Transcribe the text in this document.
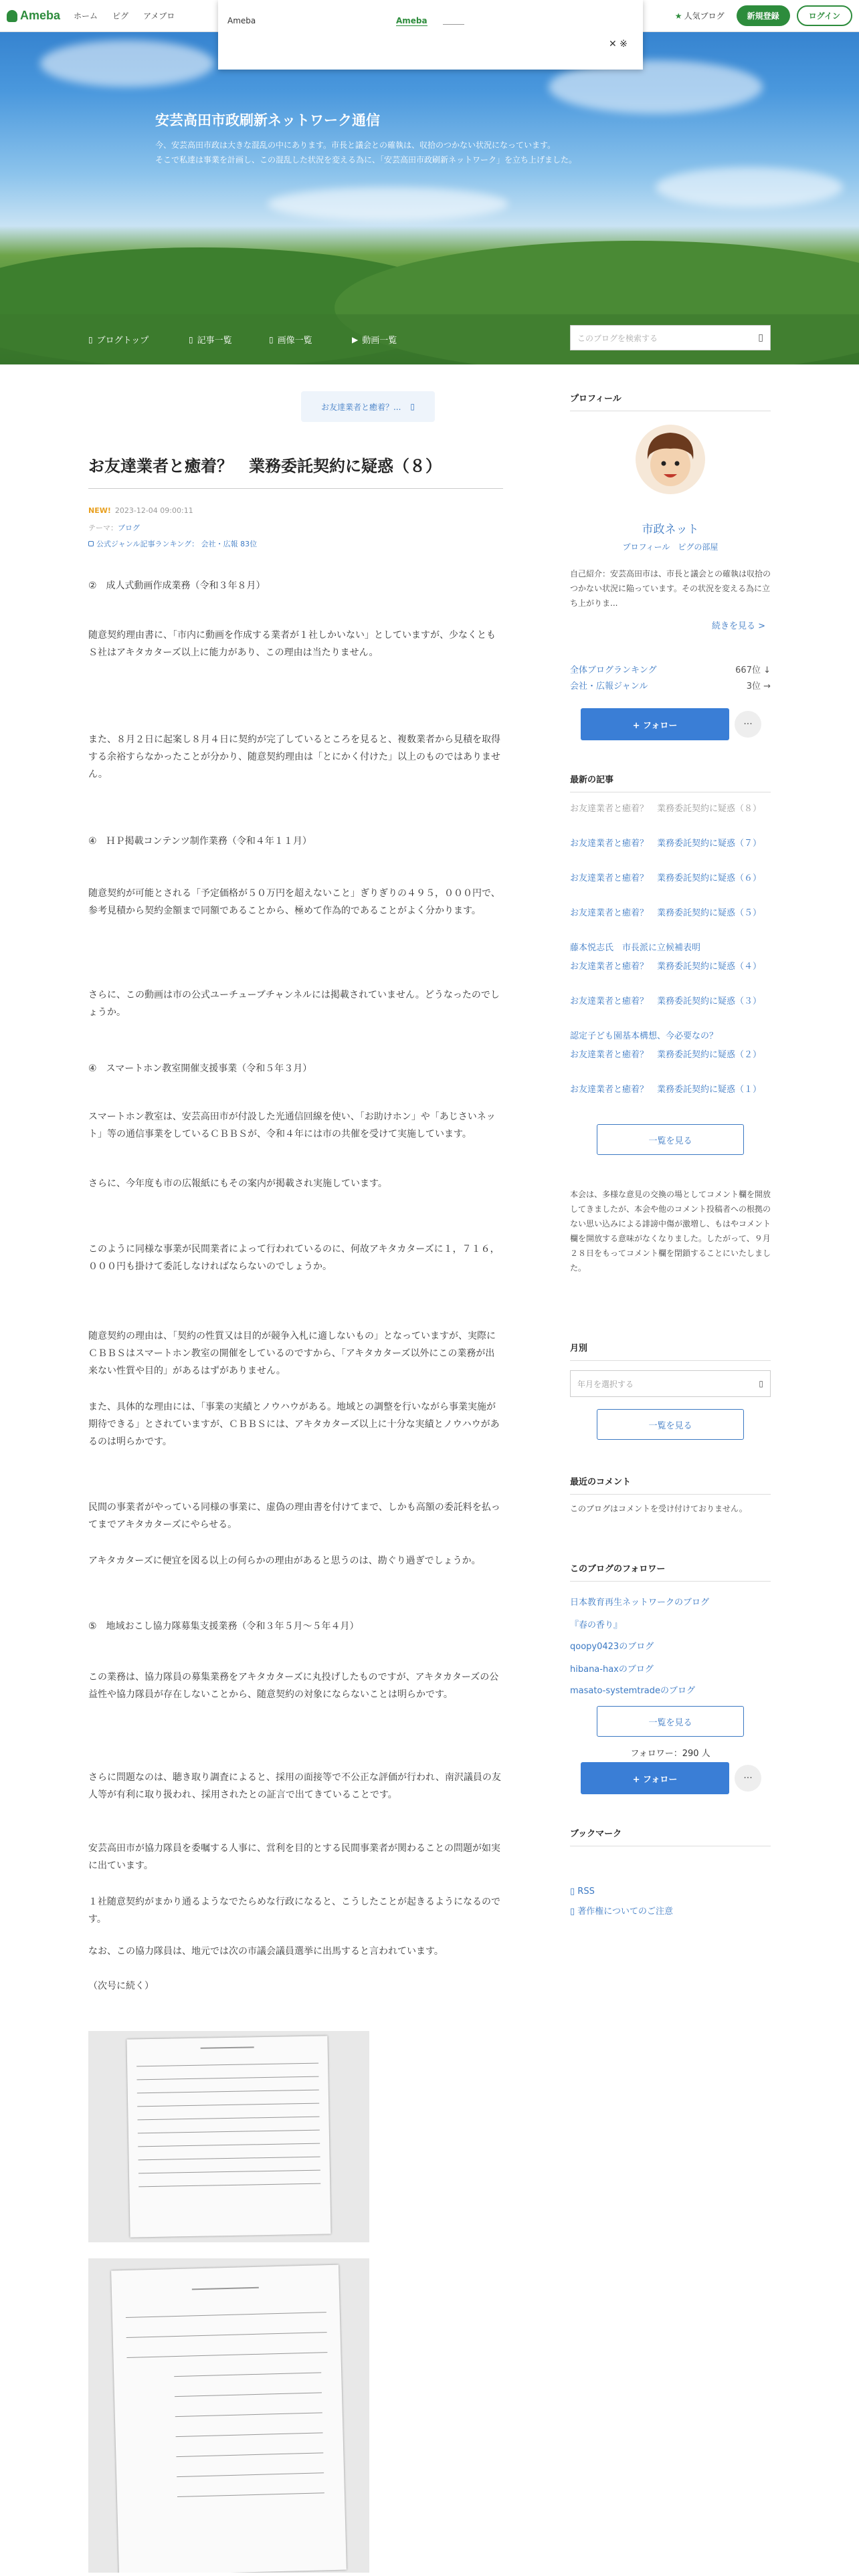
安芸高田市政刷新ネットワーク通信
今、安芸高田市政は大きな混乱の中にあります。市長と議会との確執は、収拾のつかない状況になっています。
そこで私達は事業を計画し、この混乱した状況を変える為に、「安芸高田市政刷新ネットワーク」を立ち上げました。
Ameba ホーム ピグ アメブロ	★ 人気ブログ	新規登録	ログイン
Ameba	Ameba
✕ ※
▯ ブログトップ	▯ 記事一覧	▯ 画像一覧	▶ 動画一覧	このブログを検索する	▯
お友達業者と癒着？... ▯
お友達業者と癒着？　業務委託契約に疑惑（８）
NEW! 2023-12-04 09:00:11
テーマ：ブログ
公式ジャンル記事ランキング： 会社・広報 83位
②　成人式動画作成業務（令和３年８月）
随意契約理由書に、「市内に動画を作成する業者が１社しかいない」としていますが、少なくともＳ社はアキタカターズ以上に能力があり、この理由は当たりません。
また、８月２日に起案し８月４日に契約が完了しているところを見ると、複数業者から見積を取得する余裕すらなかったことが分かり、随意契約理由は「とにかく付けた」以上のものではありません。
④　ＨＰ掲載コンテンツ制作業務（令和４年１１月）
随意契約が可能とされる「予定価格が５０万円を超えないこと」ぎりぎりの４９５，０００円で、参考見積から契約金額まで同額であることから、極めて作為的であることがよく分かります。
さらに、この動画は市の公式ユーチューブチャンネルには掲載されていません。どうなったのでしょうか。
④　スマートホン教室開催支援事業（令和５年３月）
スマートホン教室は、安芸高田市が付設した光通信回線を使い、「お助けホン」や「あじさいネット」等の通信事業をしているＣＢＢＳが、令和４年には市の共催を受けて実施しています。
さらに、今年度も市の広報紙にもその案内が掲載され実施しています。
このように同様な事業が民間業者によって行われているのに、何故アキタカターズに１，７１６，０００円も掛けて委託しなければならないのでしょうか。
随意契約の理由は、「契約の性質又は目的が競争入札に適しないもの」となっていますが、実際にＣＢＢＳはスマートホン教室の開催をしているのですから、「アキタカターズ以外にこの業務が出来ない性質や目的」があるはずがありません。
また、具体的な理由には、「事業の実績とノウハウがある。地域との調整を行いながら事業実施が期待できる」とされていますが、ＣＢＢＳには、アキタカターズ以上に十分な実績とノウハウがあるのは明らかです。
民間の事業者がやっている同様の事業に、虚偽の理由書を付けてまで、しかも高額の委託料を払ってまでアキタカターズにやらせる。
アキタカターズに便宜を図る以上の何らかの理由があると思うのは、勘ぐり過ぎでしょうか。
⑤　地域おこし協力隊募集支援業務（令和３年５月～５年４月）
この業務は、協力隊員の募集業務をアキタカターズに丸投げしたものですが、アキタカターズの公益性や協力隊員が存在しないことから、随意契約の対象にならないことは明らかです。
さらに問題なのは、聴き取り調査によると、採用の面接等で不公正な評価が行われ、南沢議員の友人等が有利に取り扱われ、採用されたとの証言で出てきていることです。
安芸高田市が協力隊員を委嘱する人事に、営利を目的とする民間事業者が関わることの問題が如実に出ています。
１社随意契約がまかり通るようなでたらめな行政になると、こうしたことが起きるようになるのです。
なお、この協力隊員は、地元では次の市議会議員選挙に出馬すると言われています。
（次号に続く）
プロフィール
市政ネット
プロフィール　ピグの部屋
自己紹介：安芸高田市は、市長と議会との確執は収拾のつかない状況に陥っています。その状況を変える為に立ち上がりま...
続きを見る >
全体ブログランキング	667位 ↓
会社・広報ジャンル	3位 →
+ フォロー	···
最新の記事
お友達業者と癒着？　業務委託契約に疑惑（８）
お友達業者と癒着？　業務委託契約に疑惑（７）
お友達業者と癒着？　業務委託契約に疑惑（６）
お友達業者と癒着？　業務委託契約に疑惑（５）
藤本悦志氏　市長派に立候補表明
お友達業者と癒着？　業務委託契約に疑惑（４）
お友達業者と癒着？　業務委託契約に疑惑（３）
認定子ども園基本構想、今必要なの？
お友達業者と癒着？　業務委託契約に疑惑（２）
お友達業者と癒着？　業務委託契約に疑惑（１）
一覧を見る
本会は、多様な意見の交換の場としてコメント欄を開放してきましたが、本会や他のコメント投稿者への根拠のない思い込みによる誹謗中傷が激増し、もはやコメント欄を開放する意味がなくなりました。したがって、９月２８日をもってコメント欄を閉鎖することにいたしました。
月別
年月を選択する	▯
一覧を見る
最近のコメント
このブログはコメントを受け付けておりません。
このブログのフォロワー
日本教育再生ネットワークのブログ
『春の香り』
qoopy0423のブログ
hibana-haxのブログ
masato-systemtradeのブログ
一覧を見る
フォロワー：290 人
+ フォロー	···
ブックマーク
▯ RSS
▯ 著作権についてのご注意
